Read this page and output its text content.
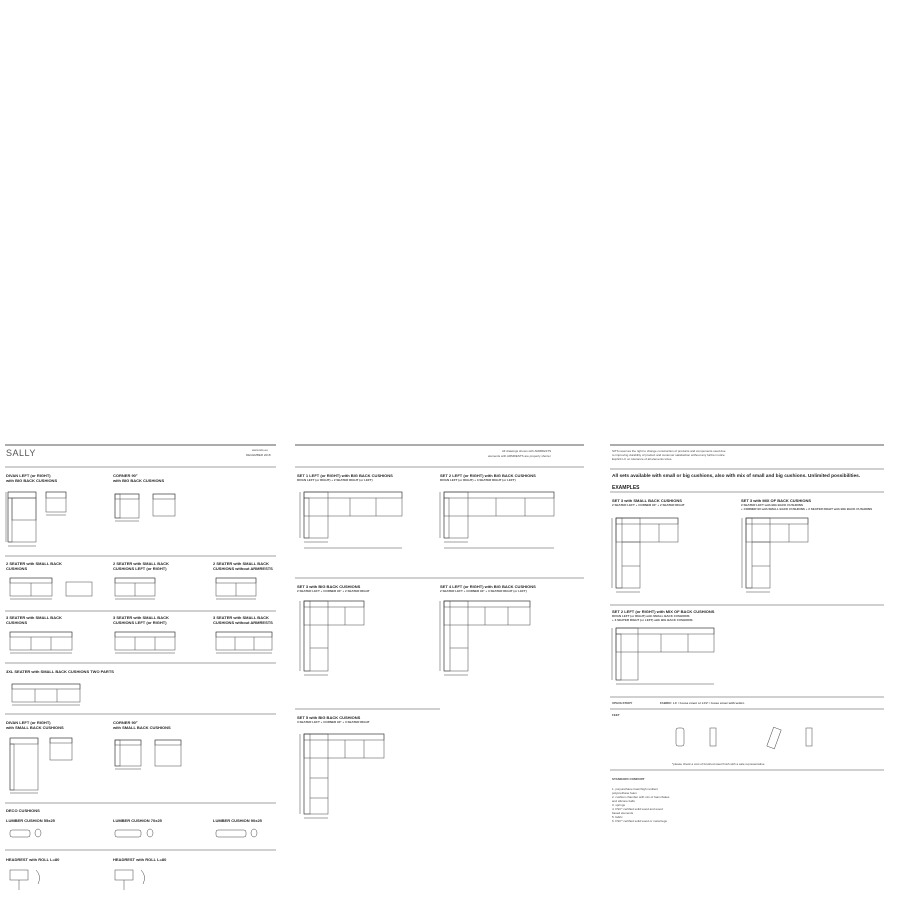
SALLY	www.sits.eu
DECEMBER 2018
DIVAN LEFT (or RIGHT)
with BIG BACK CUSHIONS
CORNER 90°
with BIG BACK CUSHIONS
2 SEATER with SMALL BACK
CUSHIONS
2 SEATER with SMALL BACK
CUSHIONS LEFT (or RIGHT)
2 SEATER with SMALL BACK
CUSHIONS without ARMRESTS
3 SEATER with SMALL BACK
CUSHIONS
3 SEATER with SMALL BACK
CUSHIONS LEFT (or RIGHT)
3 SEATER with SMALL BACK
CUSHIONS without ARMRESTS
3XL SEATER with SMALL BACK CUSHIONS TWO PARTS
DIVAN LEFT (or RIGHT)
with SMALL BACK CUSHIONS
CORNER 90°
with SMALL BACK CUSHIONS
DECO CUSHIONS
LUMBER CUSHION 55x25	LUMBER CUSHION 70x25	LUMBER CUSHION 90x25
HEADREST with ROLL L=80	HEADREST with ROLL L=80
All drawings shown with ARMRESTS
elements with ARMRESTS are properly shorter
SET 1 LEFT (or RIGHT) with BIG BACK CUSHIONS
DIVAN LEFT (or RIGHT) + 2 SEATER RIGHT (or LEFT)
SET 2 LEFT (or RIGHT) with BIG BACK CUSHIONS
DIVAN LEFT (or RIGHT) + 3 SEATER RIGHT (or LEFT)
SET 3 with BIG BACK CUSHIONS
2 SEATER LEFT + CORNER 90° + 2 SEATER RIGHT
SET 4 LEFT (or RIGHT) with BIG BACK CUSHIONS
2 SEATER LEFT + CORNER 90° + 3 SEATER RIGHT (or LEFT)
SET 5 with BIG BACK CUSHIONS
3 SEATER LEFT + CORNER 90° + 3 SEATER RIGHT
SITS reserves the right to change construction of products and components used due
to improving durability of product and customer satisfaction without any further notice.
Explicit LC on tolerance of all elements sizes.
All sets available with small or big cushions, also with mix of small and big cushions. Unlimited possibilities.
EXAMPLES
SET 3 with SMALL BACK CUSHIONS
2 SEATER LEFT + CORNER 90° + 2 SEATER RIGHT
SET 3 with MIX OF BACK CUSHIONS
2 SEATER LEFT with BIG BACK CUSHIONS
+ CORNER 90 with SMALL BACK CUSHIONS + 2 SEATER RIGHT with BIG BACK CUSHIONS
SET 2 LEFT (or RIGHT) with MIX OF BACK CUSHIONS
DIVAN LEFT (or RIGHT) with SMALL BACK CUSHIONS
+ 3 SEATER RIGHT (or LEFT) with BIG BACK CUSHIONS
UPHOLSTERY	FABRIC: LC = loose cover or LCV = loose cover with velcro
FEET
*please check a cost of brushed steel finish with a sale representative
STANDARD COMFORT
1. polyurethane foam/high resilient
polyurethane foam
2. cushion chamber with mix of foam flakes
and silicone balls
3. springs
4. FSC* certified solid wood and wood
based elements
5. fabric
6. FSC* certified solid wood or metal legs
